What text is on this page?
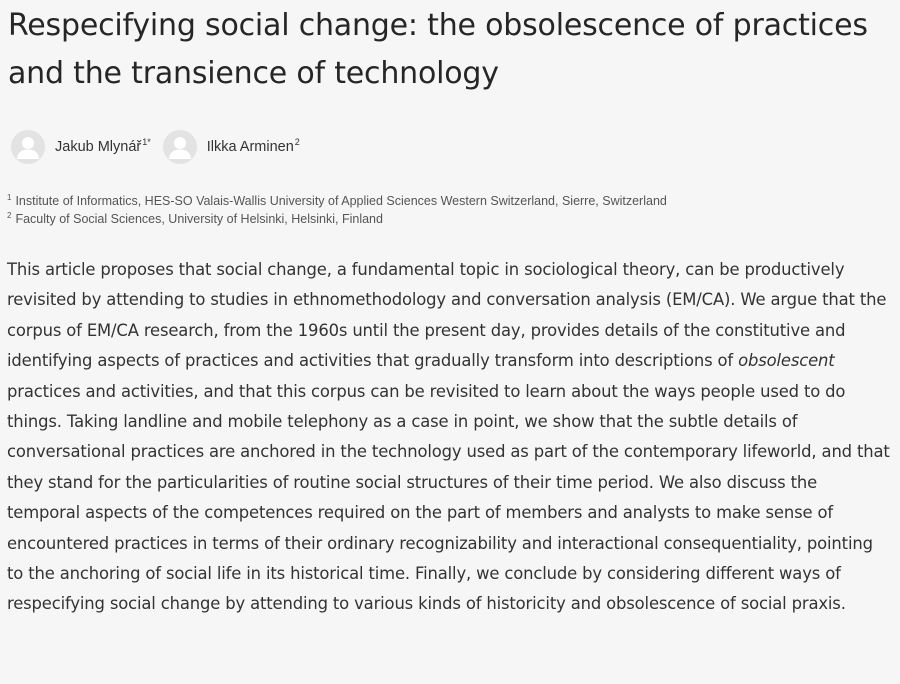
Respecifying social change: the obsolescence of practices and the transience of technology
Jakub Mlynář$^{1*}$	Ilkka Arminen$^2$
$^1$ Institute of Informatics, HES-SO Valais-Wallis University of Applied Sciences Western Switzerland, Sierre, Switzerland
$^2$ Faculty of Social Sciences, University of Helsinki, Helsinki, Finland

This article proposes that social change, a fundamental topic in sociological theory, can be productively revisited by attending to studies in ethnomethodology and conversation analysis (EM/CA). We argue that the corpus of EM/CA research, from the 1960s until the present day, provides details of the constitutive and identifying aspects of practices and activities that gradually transform into descriptions of obsolescent practices and activities, and that this corpus can be revisited to learn about the ways people used to do things. Taking landline and mobile telephony as a case in point, we show that the subtle details of conversational practices are anchored in the technology used as part of the contemporary lifeworld, and that they stand for the particularities of routine social structures of their time period. We also discuss the temporal aspects of the competences required on the part of members and analysts to make sense of encountered practices in terms of their ordinary recognizability and interactional consequentiality, pointing to the anchoring of social life in its historical time. Finally, we conclude by considering different ways of respecifying social change by attending to various kinds of historicity and obsolescence of social praxis.
